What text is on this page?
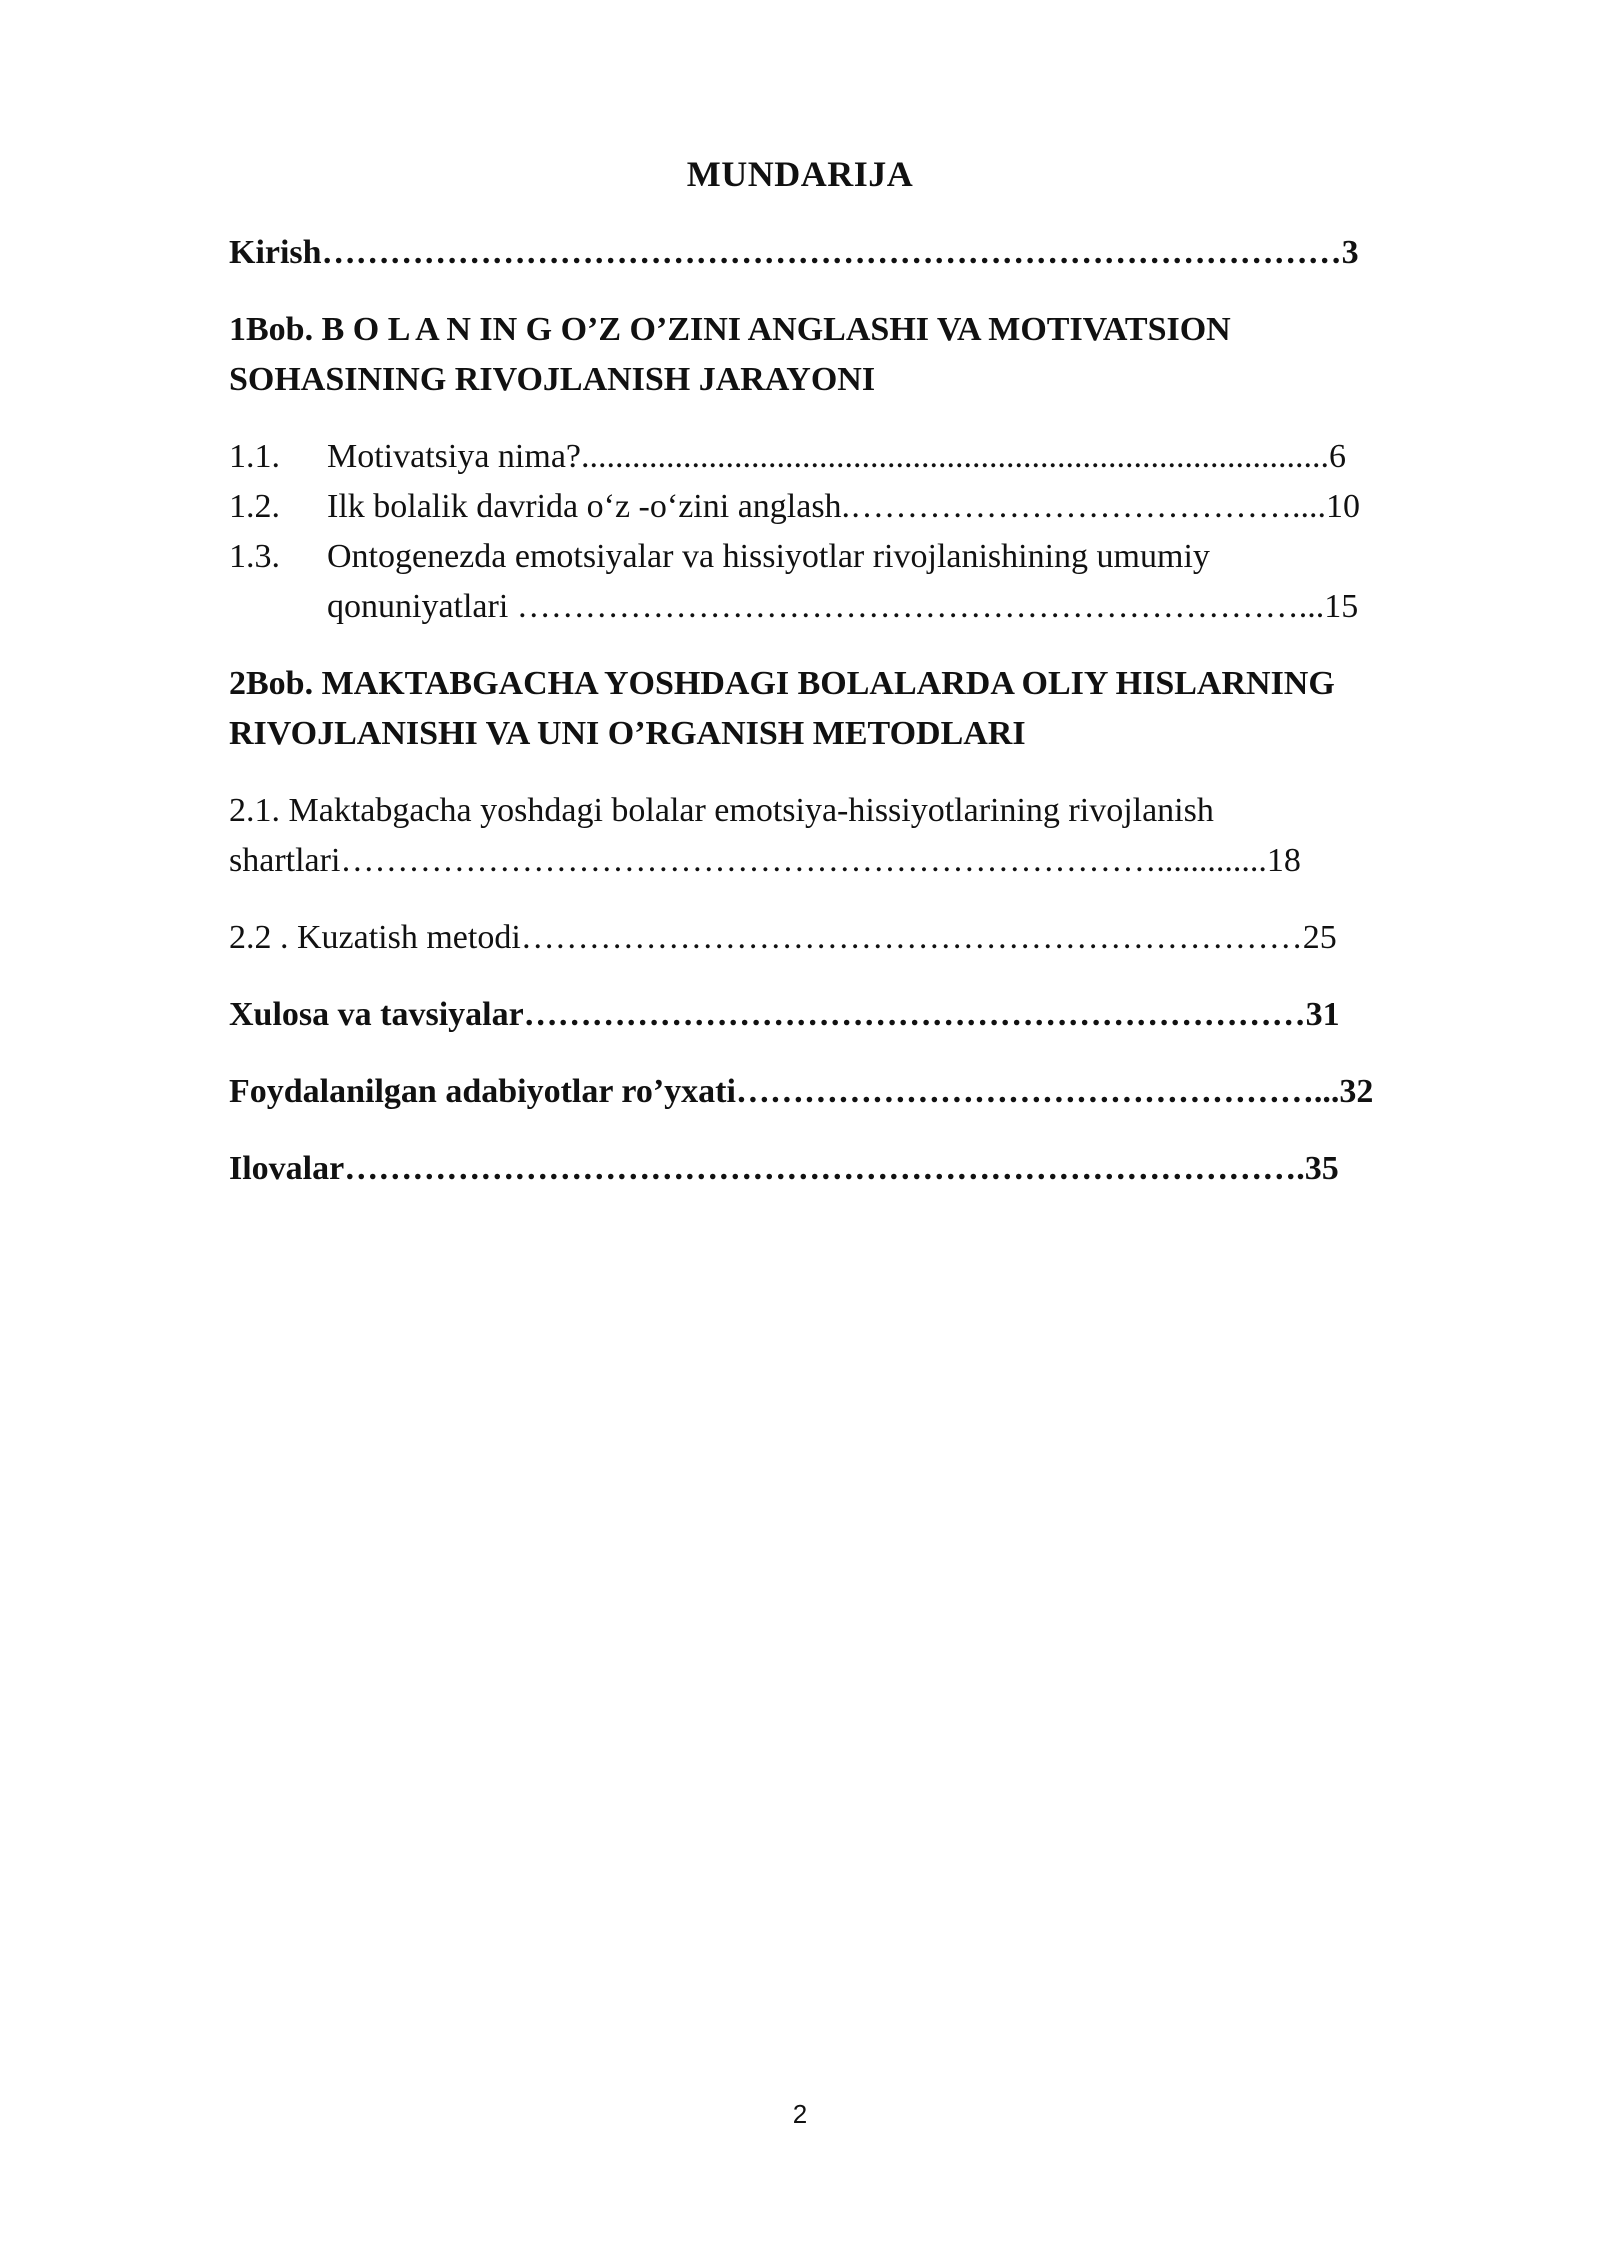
MUNDARIJA
Kirish………………………………………………………………………………3
1Bob. B O L A N IN G O’Z O’ZINI ANGLASHI VA MOTIVATSION
SOHASINING RIVOJLANISH JARAYONI
1.1. Motivatsiya nima?........................................................................................6
1.2. Ilk bolalik davrida o‘z -o‘zini anglash.…………………………………....10
1.3. Ontogenezda emotsiyalar va hissiyotlar rivojlanishining umumiy
qonuniyatlari ……………………………………………………………...15
2Bob. MAKTABGACHA YOSHDAGI BOLALARDA OLIY HISLARNING
RIVOJLANISHI VA UNI O’RGANISH METODLARI
2.1. Maktabgacha yoshdagi bolalar emotsiya-hissiyotlarining rivojlanish
shartlari……………………………………………………………….............18
2.2 . Kuzatish metodi……………………………………………………………25
Xulosa va tavsiyalar……………………………………………………………31
Foydalanilgan adabiyotlar ro’yxati……………………………………………...32
Ilovalar………………………………………………………………………….35
2
